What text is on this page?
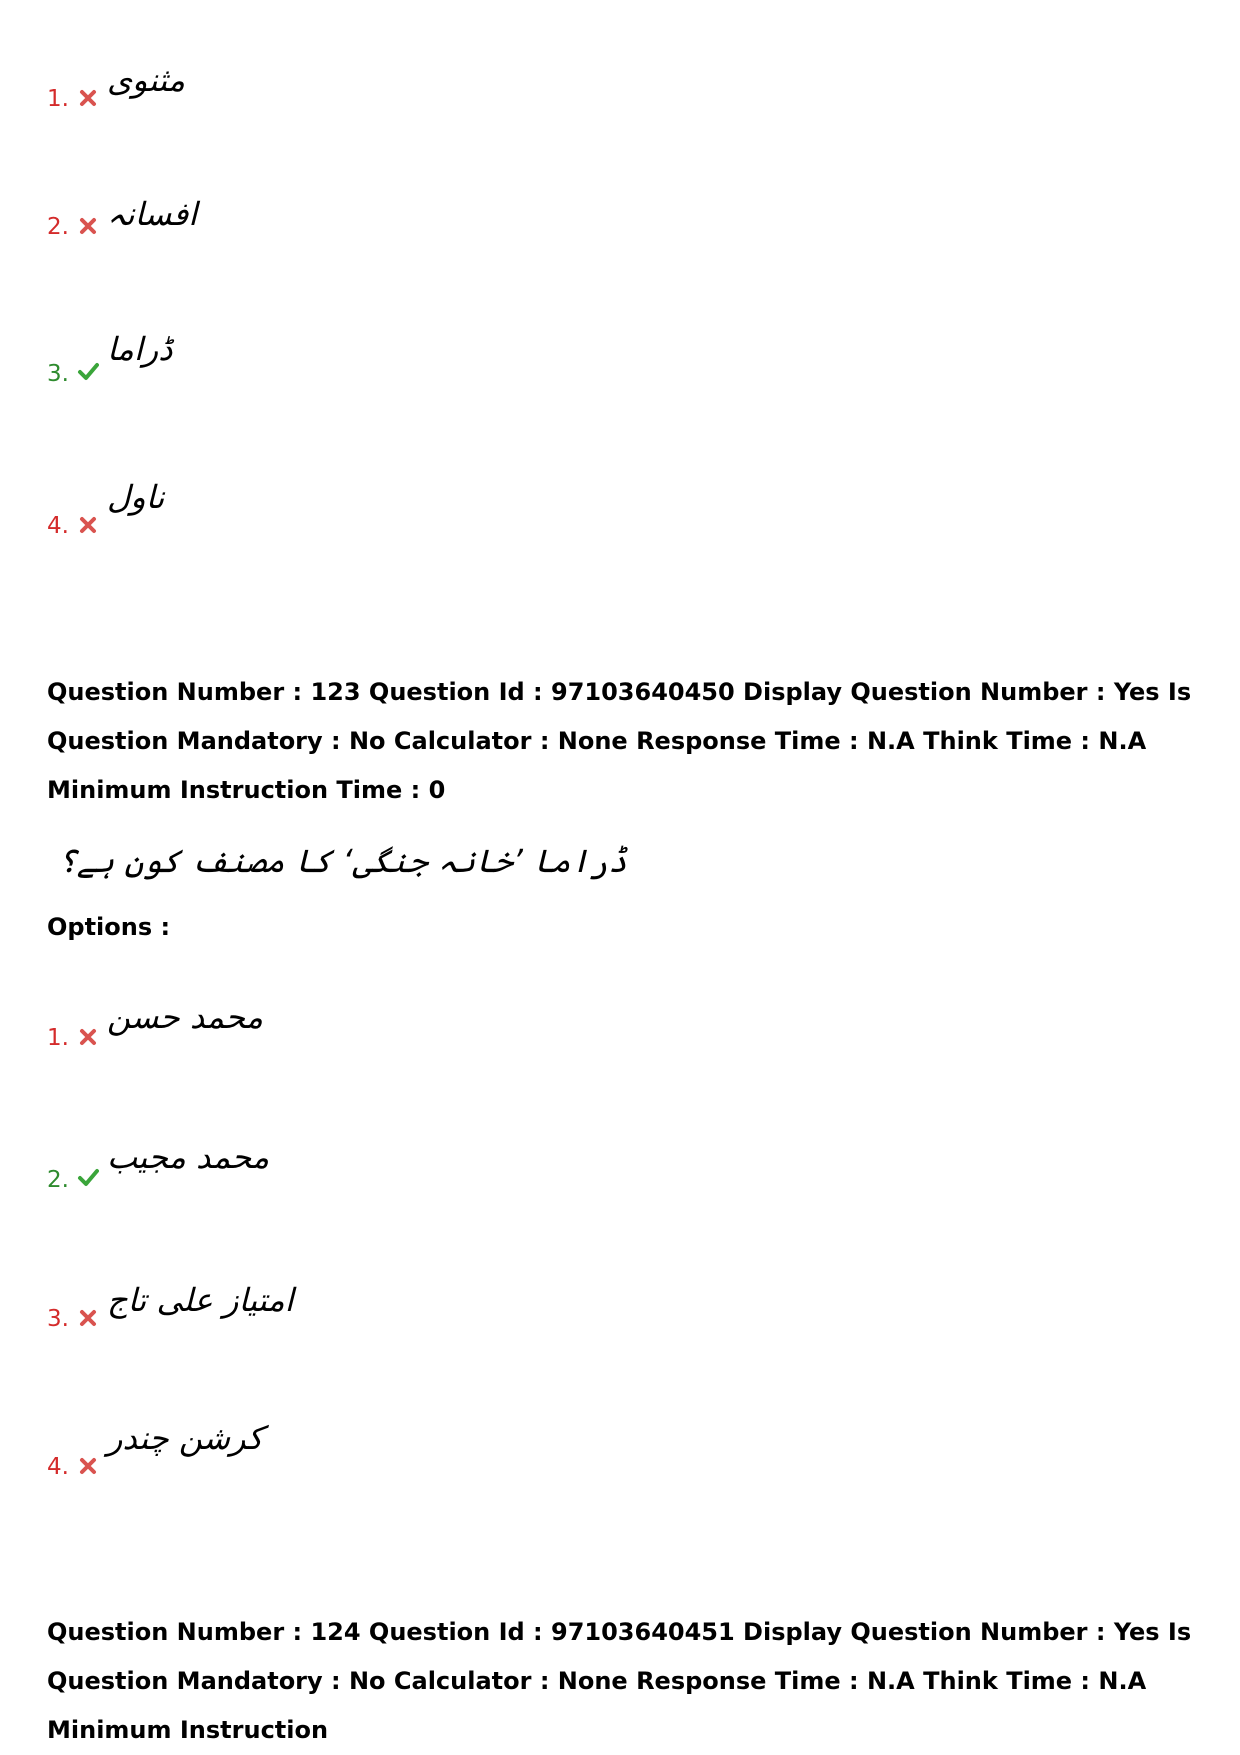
1. مثنوی
2. افسانہ
3.
ڈراما
4.
ناول
Question Number : 123 Question Id : 97103640450 Display Question Number : Yes Is Question Mandatory : No Calculator : None Response Time : N.A Think Time : N.A Minimum Instruction Time : 0
ڈراما ’خانہ جنگی‘ کا مصنف کون ہے؟
Options :
1.
محمد حسن
2.
محمد مجیب
3. امتیاز علی تاج
4.
کرشن چندر
Question Number : 124 Question Id : 97103640451 Display Question Number : Yes Is Question Mandatory : No Calculator : None Response Time : N.A Think Time : N.A Minimum Instruction
